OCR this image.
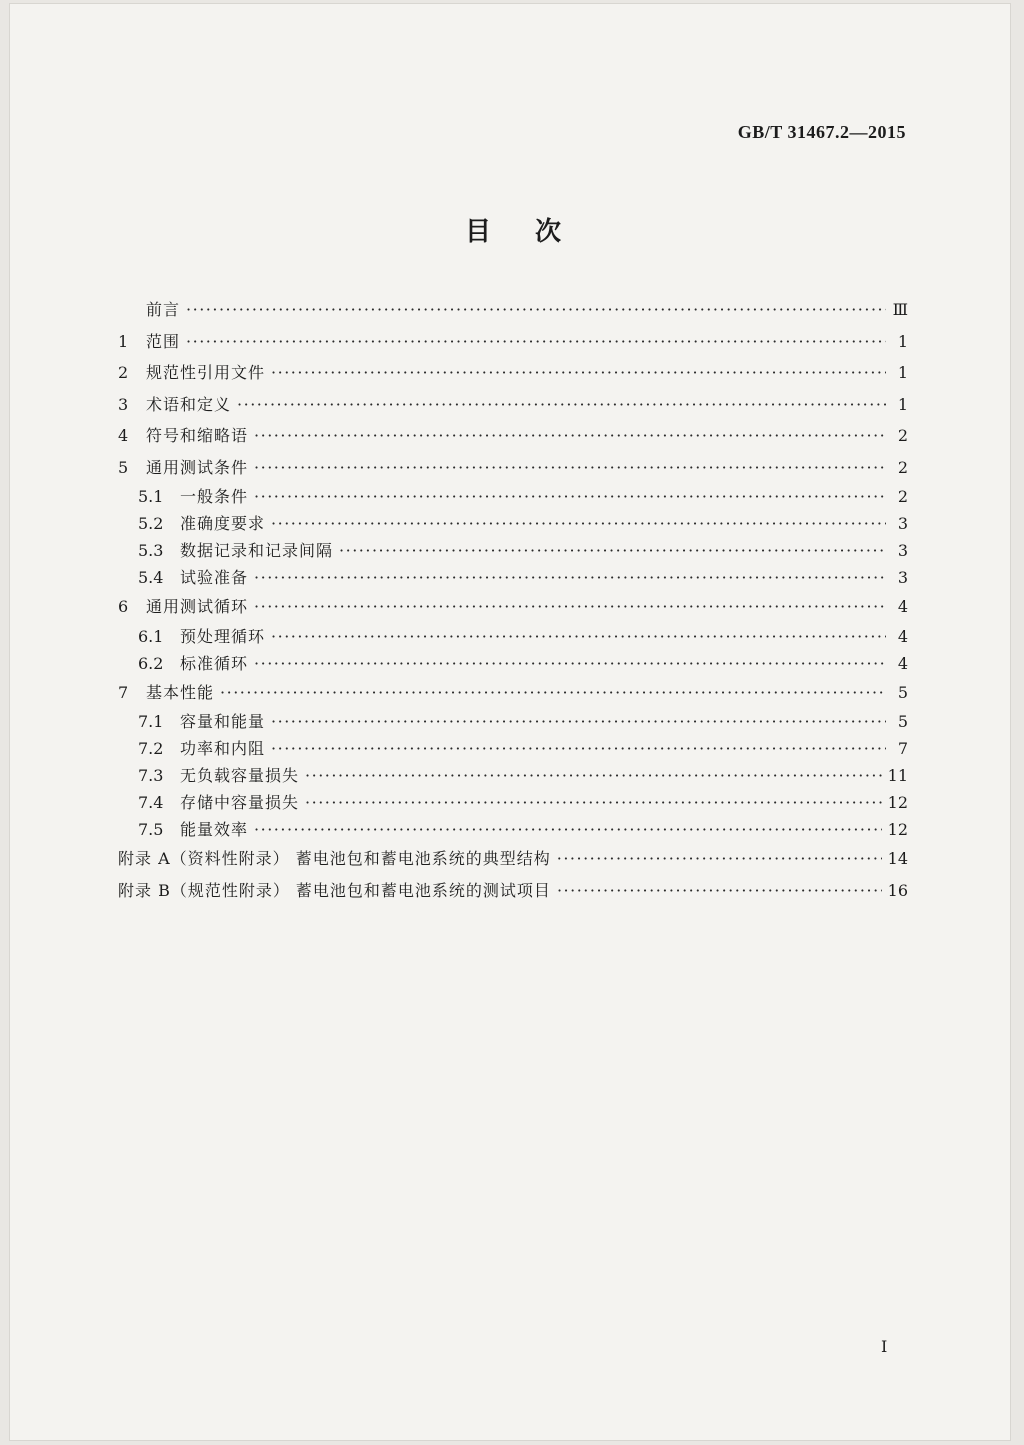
GB/T 31467.2—2015
目次
前言 ·····	Ⅲ
1	范围 ·····	1
2	规范性引用文件 ·····	1
3	术语和定义 ·····	1
4	符号和缩略语 ·····	2
5	通用测试条件 ·····	2
5.1	一般条件 ·····	2
5.2	准确度要求 ·····	3
5.3	数据记录和记录间隔 ·····	3
5.4	试验准备 ·····	3
6	通用测试循环 ·····	4
6.1	预处理循环 ·····	4
6.2	标准循环 ·····	4
7	基本性能 ·····	5
7.1	容量和能量 ·····	5
7.2	功率和内阻 ·····	7
7.3	无负载容量损失 ·····	11
7.4	存储中容量损失 ·····	12
7.5	能量效率 ·····	12
附录 A（资料性附录） 蓄电池包和蓄电池系统的典型结构 ·····	14
附录 B（规范性附录） 蓄电池包和蓄电池系统的测试项目 ·····	16
I
